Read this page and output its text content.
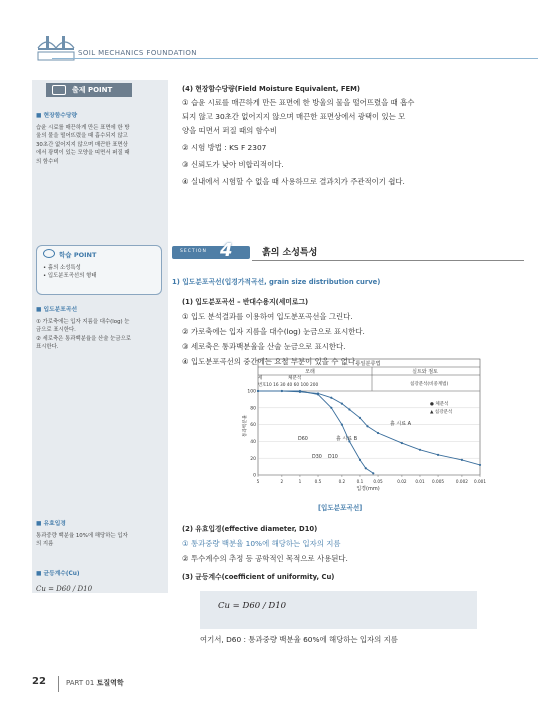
SOIL MECHANICS FOUNDATION
출제 POINT
■ 현장함수당량
습윤 시료를 매끈하게 만든 표면에 한 방
울의 물을 떨어뜨렸을 때 흡수되지 않고
30초간 없어지지 않으며 매끈한 표면상
에서 광택이 있는 모양을 띠면서 퍼질 때
의 함수비
학습 POINT
• 흙의 소성특성
• 입도분포곡선의 형태
■ 입도분포곡선
① 가로축에는 입자 지름을 대수(log) 눈
금으로 표시한다.
② 세로축은 통과백분율을 산술 눈금으로
표시한다.
■ 유효입경
통과중량 백분율 10%에 해당하는 입자
의 지름
■ 균등계수(Cu)
Cu = D60 / D10
(4) 현장함수당량(Field Moisture Equivalent, FEM)
① 습윤 시료를 매끈하게 만든 표면에 한 방울의 물을 떨어뜨렸을 때 흡수
되지 않고 30초간 없어지지 않으며 매끈한 표면상에서 광택이 있는 모
양을 띠면서 퍼질 때의 함수비
② 시험 방법 : KS F 2307
③ 신뢰도가 낮아 비합리적이다.
④ 실내에서 시험할 수 없을 때 사용하므로 결과치가 주관적이기 쉽다.
SECTION 4	흙의 소성특성
1) 입도분포곡선(입경가적곡선, grain size distribution curve)
(1) 입도분포곡선 – 반대수용지(세미로그)
① 입도 분석결과를 이용하여 입도분포곡선을 그린다.
② 가로축에는 입자 지름을 대수(log) 눈금으로 표시한다.
③ 세로축은 통과백분율을 산술 눈금으로 표시한다.
④ 입도분포곡선의 중간에는 요철 부분이 있을 수 없다.
0
20
40
60
80
100
5	2	1	0.5	0.2	0.1 0.05	0.02 0.01 0.005	0.002 0.001
통일분류법
모래	실트와 점토
세	체분석
번호10 16 30 40 60 100 200	침강분석(비중계법)
● 체분석
▲ 침강분석
흙 시료 A
흙 시료 B
D60
D30 D10
통과백분율
입경(mm)
[입도분포곡선]
(2) 유효입경(effective diameter, D10)
① 통과중량 백분율 10%에 해당하는 입자의 지름
② 투수계수의 추정 등 공학적인 목적으로 사용된다.
(3) 균등계수(coefficient of uniformity, Cu)
Cu = D60 / D10
여기서, D60 : 통과중량 백분율 60%에 해당하는 입자의 지름
22	PART 01 토질역학
